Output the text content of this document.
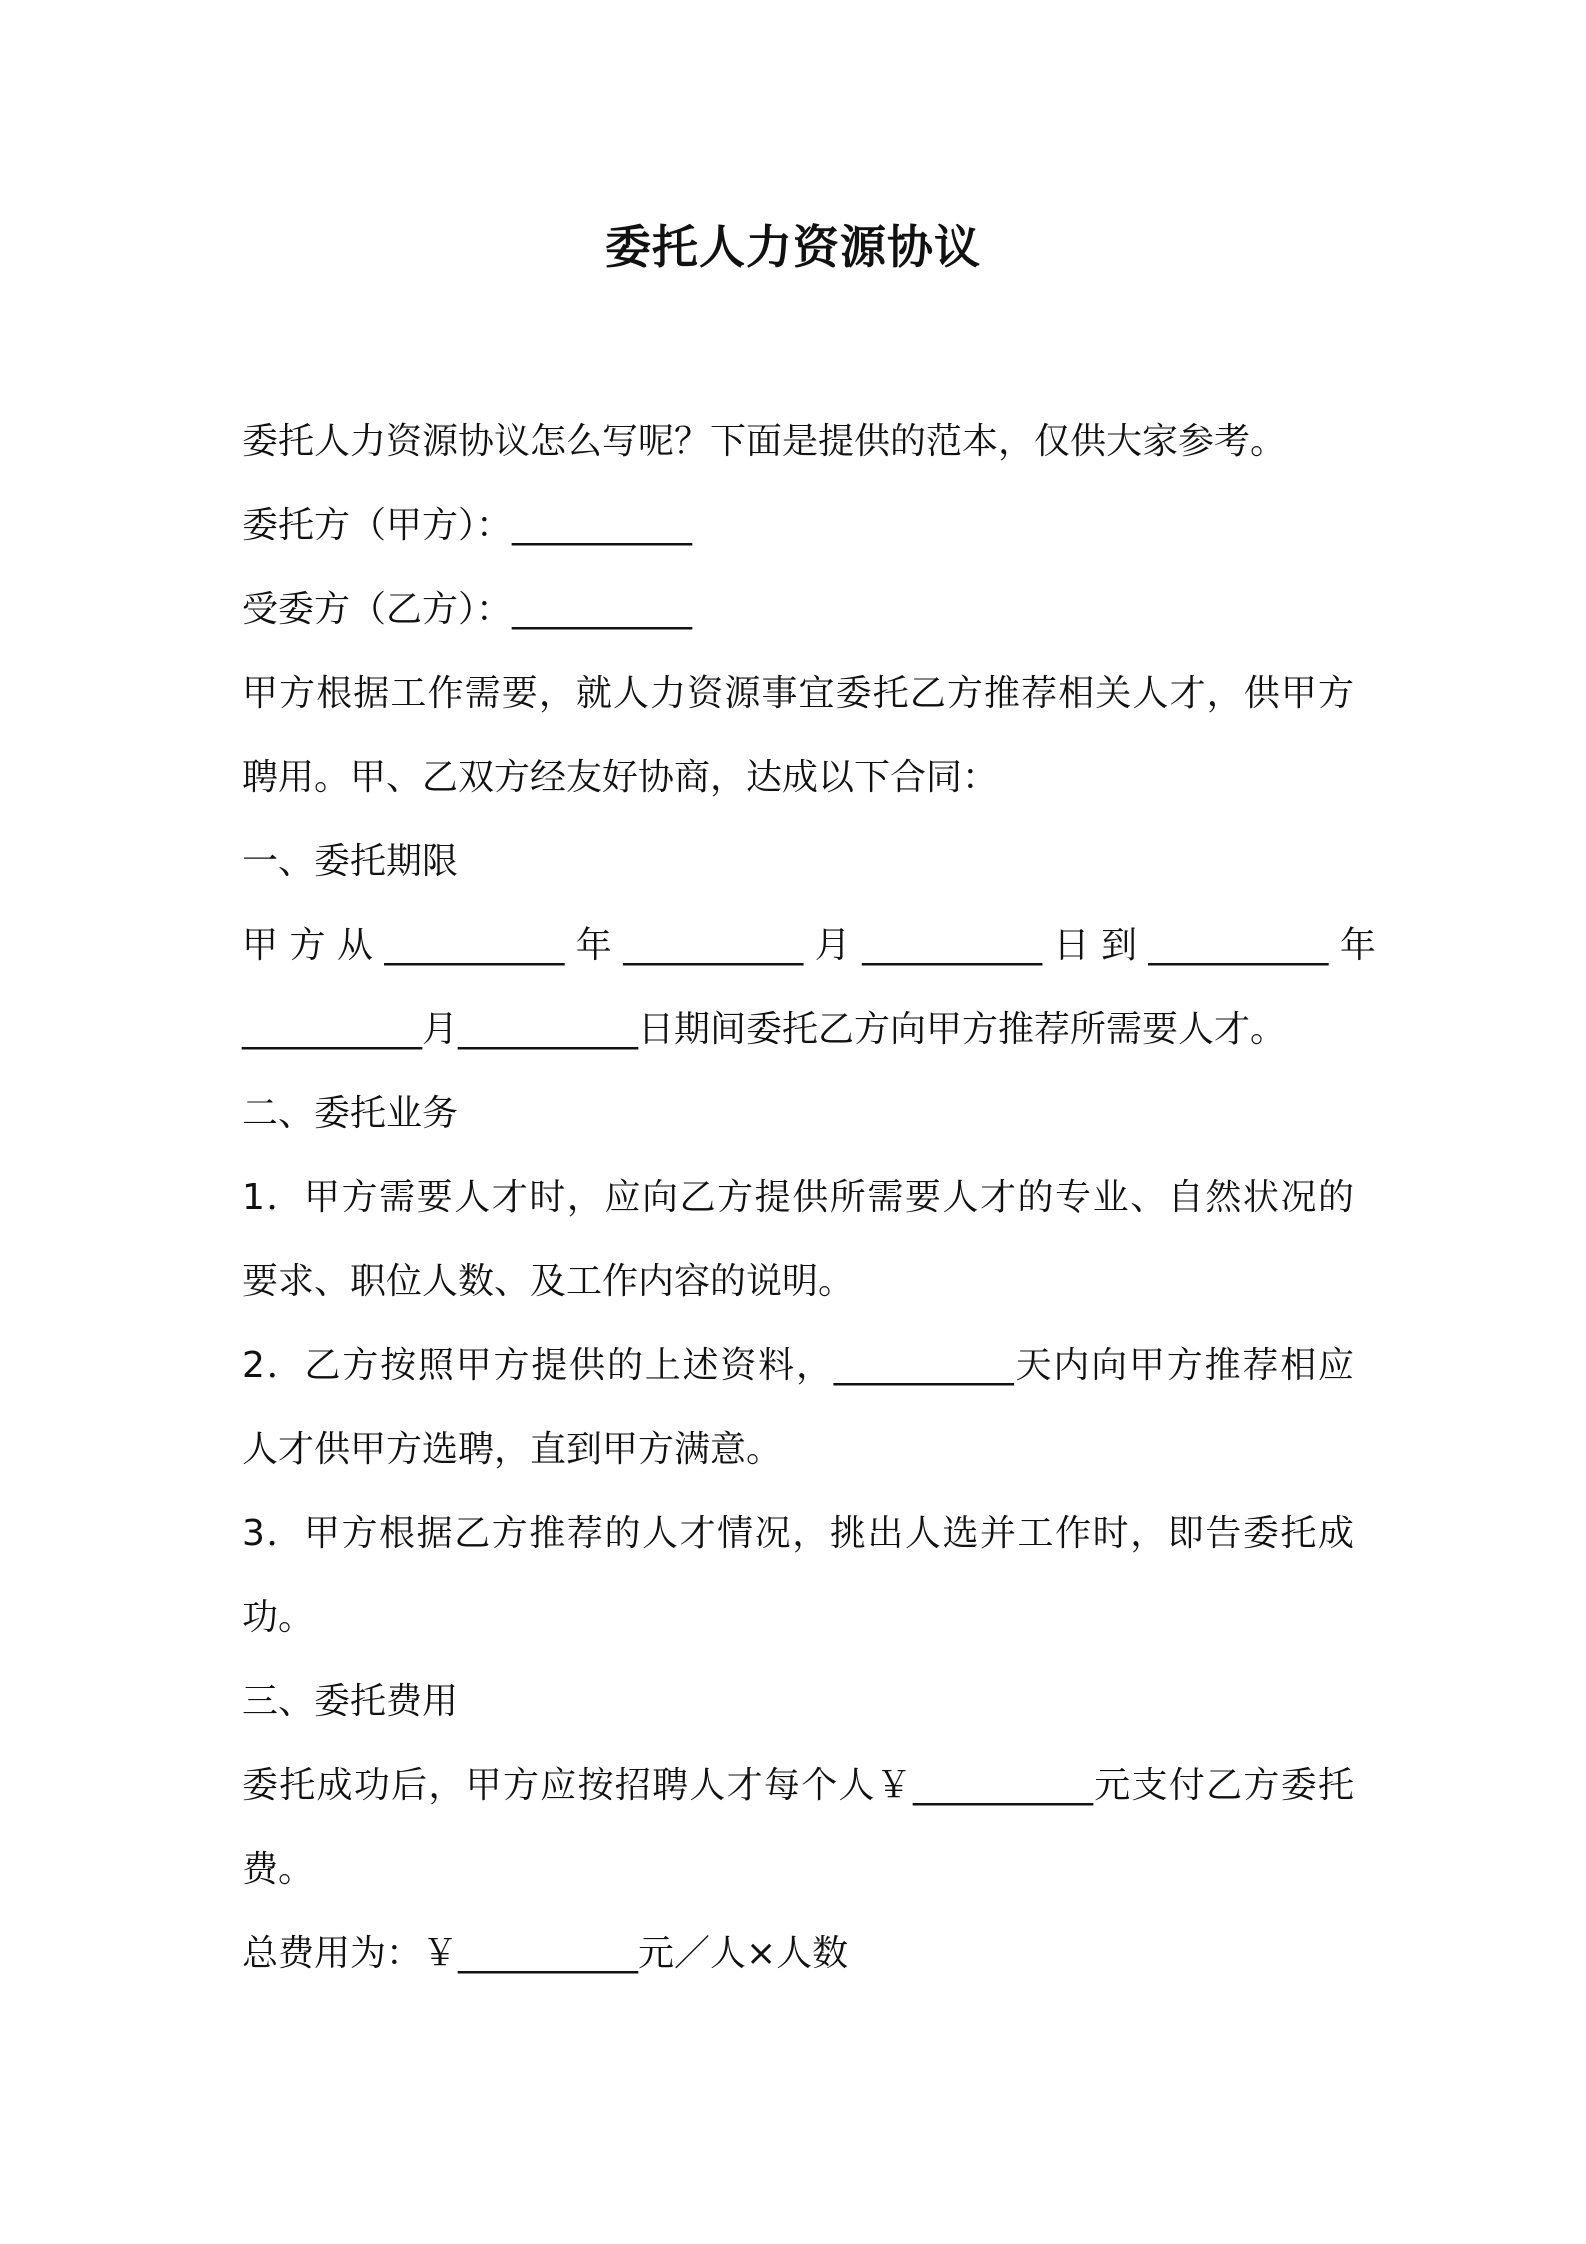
委托人力资源协议
委托人力资源协议怎么写呢？下面是提供的范本，仅供大家参考。
委托方（甲方）：__________
受委方（乙方）：__________
甲方根据工作需要，就人力资源事宜委托乙方推荐相关人才，供甲方
聘用。甲、乙双方经友好协商，达成以下合同：
一、委托期限
甲 方 从 __________ 年 __________ 月 __________ 日 到 __________ 年
__________月__________日期间委托乙方向甲方推荐所需要人才。
二、委托业务
1．甲方需要人才时，应向乙方提供所需要人才的专业、自然状况的
要求、职位人数、及工作内容的说明。
2．乙方按照甲方提供的上述资料，__________天内向甲方推荐相应
人才供甲方选聘，直到甲方满意。
3．甲方根据乙方推荐的人才情况，挑出人选并工作时，即告委托成
功。
三、委托费用
委托成功后，甲方应按招聘人才每个人￥__________元支付乙方委托
费。
总费用为：￥__________元／人×人数
